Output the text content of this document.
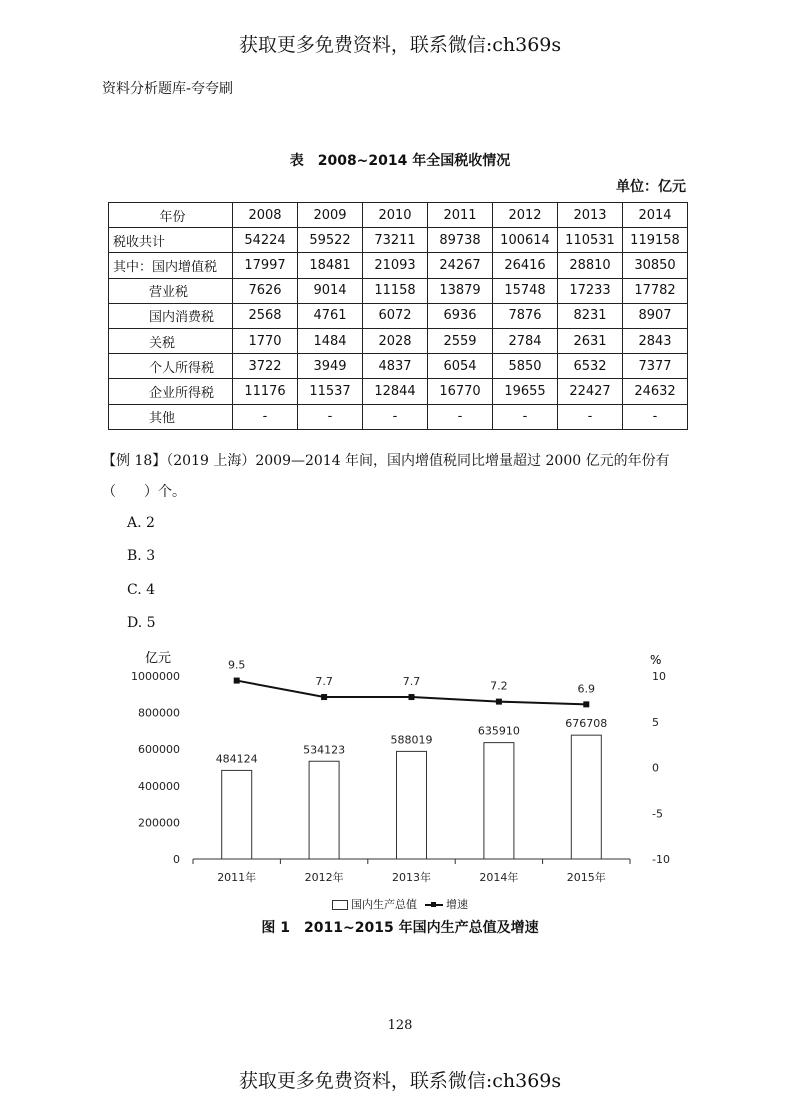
获取更多免费资料，联系微信:ch369s
资料分析题库-夸夸刷
表　2008~2014 年全国税收情况
单位：亿元
年份	2008	2009	2010	2011	2012	2013	2014
税收共计	54224	59522	73211	89738	100614	110531	119158
其中：国内增值税	17997	18481	21093	24267	26416	28810	30850
营业税	7626	9014	11158	13879	15748	17233	17782
国内消费税	2568	4761	6072	6936	7876	8231	8907
关税	1770	1484	2028	2559	2784	2631	2843
个人所得税	3722	3949	4837	6054	5850	6532	7377
企业所得税	11176	11537	12844	16770	19655	22427	24632
其他	-	-	-	-	-	-	-
【例 18】（2019 上海）2009—2014 年间，国内增值税同比增量超过 2000 亿元的年份有
（　　）个。
A. 2
B. 3
C. 4
D. 5
亿元	%
0
200000
400000
600000
800000
1000000
-10
-5
0
5
10
2011年	2012年	2013年	2014年	2015年
484124
534123
588019
635910
676708
9.5
7.7	7.7	7.2	6.9
国内生产总值	增速
图 1　2011~2015 年国内生产总值及增速
128
获取更多免费资料，联系微信:ch369s
